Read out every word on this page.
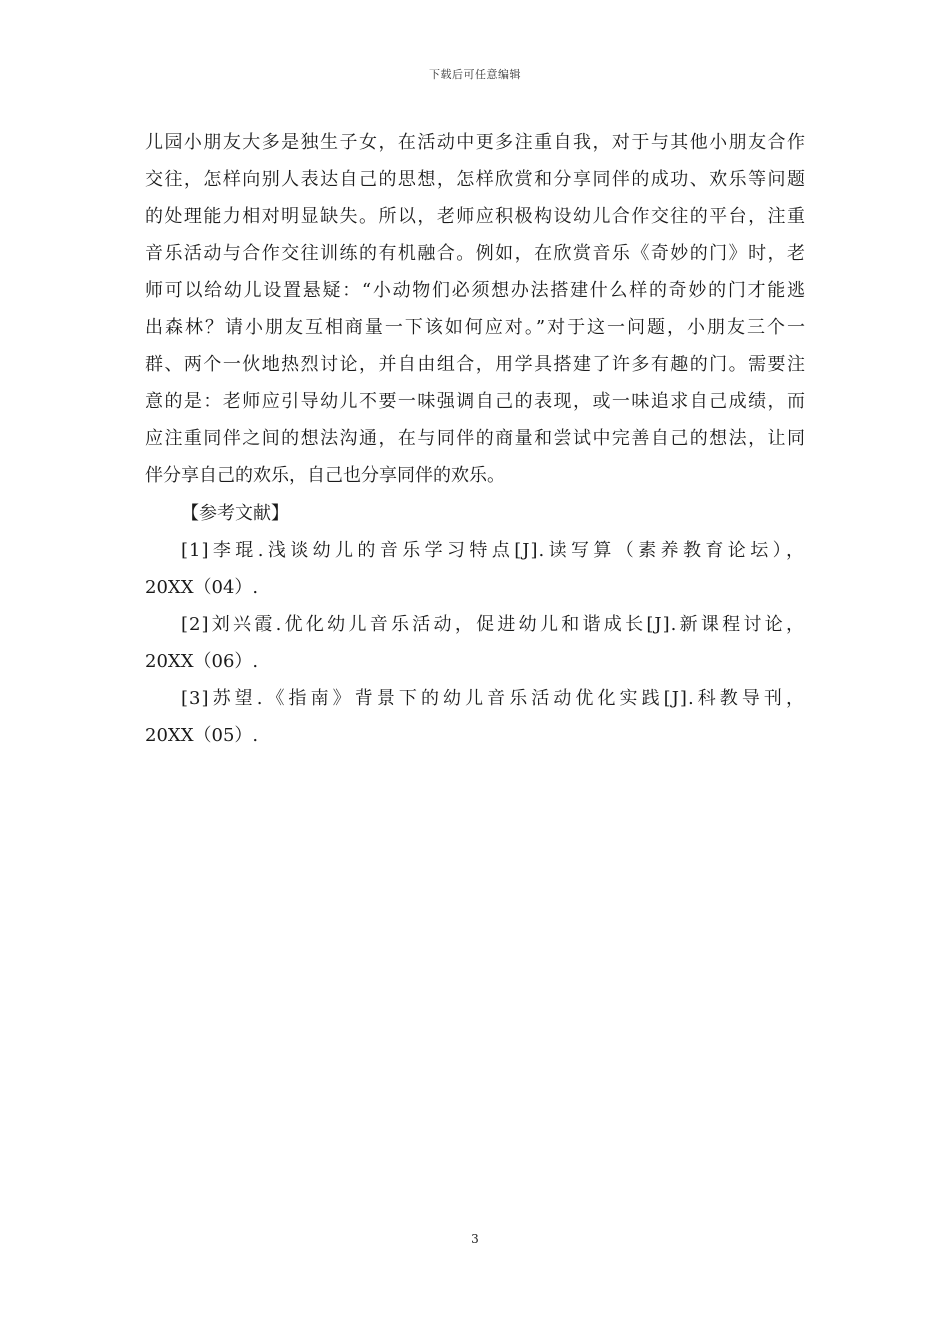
下载后可任意编辑
儿园小朋友大多是独生子女，在活动中更多注重自我，对于与其他小朋友合作
交往，怎样向别人表达自己的思想，怎样欣赏和分享同伴的成功、欢乐等问题
的处理能力相对明显缺失。所以，老师应积极构设幼儿合作交往的平台，注重
音乐活动与合作交往训练的有机融合。例如，在欣赏音乐《奇妙的门》时，老
师可以给幼儿设置悬疑：“小动物们必须想办法搭建什么样的奇妙的门才能逃
出森林？请小朋友互相商量一下该如何应对。”对于这一问题，小朋友三个一
群、两个一伙地热烈讨论，并自由组合，用学具搭建了许多有趣的门。需要注
意的是：老师应引导幼儿不要一味强调自己的表现，或一味追求自己成绩，而
应注重同伴之间的想法沟通，在与同伴的商量和尝试中完善自己的想法，让同
伴分享自己的欢乐，自己也分享同伴的欢乐。
【参考文献】
[1]李琨.浅谈幼儿的音乐学习特点[J].读写算（素养教育论坛），
20XX（04）.
[2]刘兴霞.优化幼儿音乐活动，促进幼儿和谐成长[J].新课程讨论，
20XX（06）.
[3]苏望.《指南》背景下的幼儿音乐活动优化实践[J].科教导刊，
20XX（05）.
3
